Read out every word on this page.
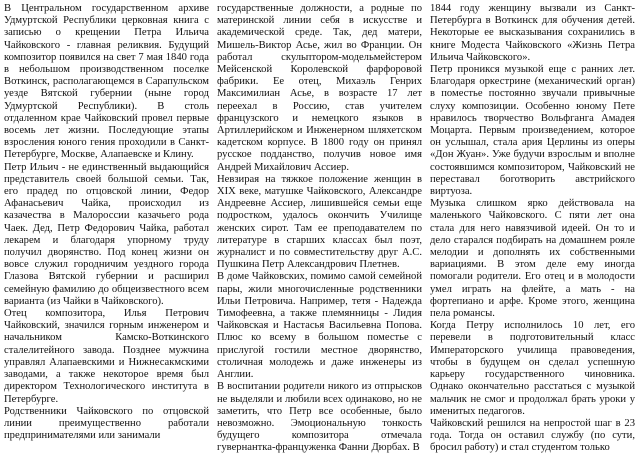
В Центральном государственном архиве Удмуртской Республики церковная книга с записью о крещении Петра Ильича Чайковского - главная реликвия. Будущий композитор появился на свет 7 мая 1840 года в небольшом производственном поселке Воткинск, располагающемся в Сарапульском уезде Вятской губернии (ныне город Удмуртской Республики). В столь отдаленном крае Чайковский провел первые восемь лет жизни. Последующие этапы взросления юного гения проходили в Санкт-Петербурге, Москве, Алапаевске и Клину.

Петр Ильич - не единственный выдающийся представитель своей большой семьи. Так, его прадед по отцовской линии, Федор Афанасьевич Чайка, происходил из казачества в Малороссии казачьего рода Чаек. Дед, Петр Федорович Чайка, работал лекарем и благодаря упорному труду получил дворянство. Под конец жизни он вовсе служил городничим уездного города Глазова Вятской губернии и расширил семейную фамилию до общеизвестного всем варианта (из Чайки в Чайковского).

Отец композитора, Илья Петрович Чайковский, значился горным инженером и начальником Камско-Воткинского сталелитейного завода. Позднее мужчина управлял Алапаевскими и Нижнесакмскими заводами, а также некоторое время был директором Технологического института в Петербурге.

Родственники Чайковского по отцовской линии преимущественно работали предпринимателями или занимали

государственные должности, а родные по материнской линии себя в искусстве и академической среде. Так, дед матери, Мишель-Виктор Асье, жил во Франции. Он работал скульптором-модельмейстером Мейсенской Королевской фарфоровой фабрики. Ее отец, Михаэль Генрих Максимилиан Асье, в возрасте 17 лет переехал в Россию, став учителем французского и немецкого языков в Артиллерийском и Инженерном шляхетском кадетском корпусе. В 1800 году он принял русское подданство, получив новое имя Андрей Михайлович Ассиер.

Невзирая на тяжкое положение женщин в XIX веке, матушке Чайковского, Александре Андреевне Ассиер, лишившейся семьи еще подростком, удалось окончить Училище женских сирот. Там ее преподавателем по литературе в старших классах был поэт, журналист и по совместительству друг А.С. Пушкина Петр Александрович Плетнев.

В доме Чайковских, помимо самой семейной пары, жили многочисленные родственники Ильи Петровича. Например, тетя - Надежда Тимофеевна, а также племянницы - Лидия Чайковская и Настасья Васильевна Попова. Плюс ко всему в большом поместье с прислугой гостили местное дворянство, столичная молодежь и даже инженеры из Англии.

В воспитании родители никого из отпрысков не выделяли и любили всех одинаково, но не заметить, что Петр все особенные, было невозможно. Эмоциональную тонкость будущего композитора отмечала гувернантка-француженка Фанни Дюрбах. В

1844 году женщину вызвали из Санкт-Петербурга в Воткинск для обучения детей. Некоторые ее высказывания сохранились в книге Модеста Чайковского «Жизнь Петра Ильича Чайковского».

Петр проникся музыкой еще с ранних лет. Благодаря оркестрине (механический орган) в поместье постоянно звучали привычные слуху композиции. Особенно юному Пете нравилось творчество Вольфганга Амадея Моцарта. Первым произведением, которое он услышал, стала ария Церлины из оперы «Дон Жуан». Уже будучи взрослым и вполне состоявшимся композитором, Чайковский не переставал боготворить австрийского виртуоза.

Музыка слишком ярко действовала на маленького Чайковского. С пяти лет она стала для него навязчивой идеей. Он то и дело старался подбирать на домашнем рояле мелодии и дополнять их собственными вариациями. В этом деле ему иногда помогали родители. Его отец и в молодости умел играть на флейте, а мать - на фортепиано и арфе. Кроме этого, женщина пела романсы.

Когда Петру исполнилось 10 лет, его перевели в подготовительный класс Императорского училища правоведения, чтобы в будущем он сделал успешную карьеру государственного чиновника. Однако окончательно расстаться с музыкой мальчик не смог и продолжал брать уроки у именитых педагогов.

Чайковский решился на непростой шаг в 23 года. Тогда он оставил службу (по сути, бросил работу) и стал студентом только
